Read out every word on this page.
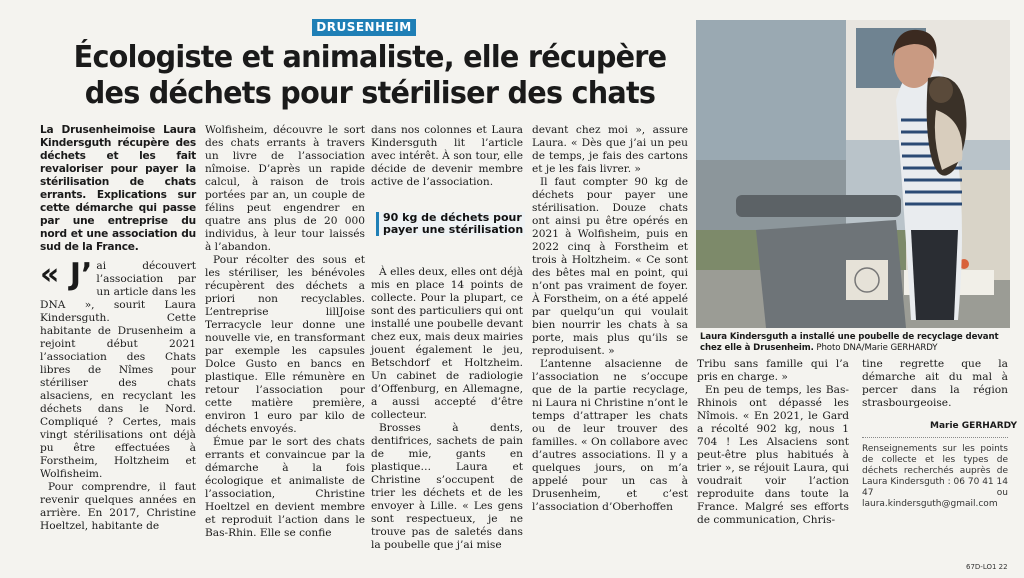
DRUSENHEIM
Écologiste et animaliste, elle récupère
des déchets pour stériliser des chats

La Drusenheimoise Laura Kindersguth récupère des déchets et les fait revaloriser pour payer la stérilisation de chats errants. Explications sur cette démarche qui passe par une entreprise du nord et une association du sud de la France.

« J’ ai découvert l’association par un article dans les DNA », sourit Laura Kindersguth. Cette habitante de Drusenheim a rejoint début 2021 l’association des Chats libres de Nîmes pour stériliser des chats alsaciens, en recyclant les déchets dans le Nord. Compliqué ? Certes, mais vingt stérilisations ont déjà pu être effectuées à Forstheim, Holtzheim et Wolfisheim.

Pour comprendre, il faut revenir quelques années en arrière. En 2017, Christine Hoeltzel, habitante de

Wolfisheim, découvre le sort des chats errants à travers un livre de l’association nîmoise. D’après un rapide calcul, à raison de trois portées par an, un couple de félins peut engendrer en quatre ans plus de 20 000 individus, à leur tour laissés à l’abandon.

Pour récolter des sous et les stériliser, les bénévoles récupèrent des déchets a priori non recyclables. L’entreprise lillJoise Terracycle leur donne une nouvelle vie, en transformant par exemple les capsules Dolce Gusto en bancs en plastique. Elle rémunère en retour l’association pour cette matière première, environ 1 euro par kilo de déchets envoyés.

Émue par le sort des chats errants et convaincue par la démarche à la fois écologique et animaliste de l’association, Christine Hoeltzel en devient membre et reproduit l’action dans le Bas-Rhin. Elle se confie

dans nos colonnes et Laura Kindersguth lit l’article avec intérêt. À son tour, elle décide de devenir membre active de l’association.

90 kg de déchets pour payer une stérilisation

À elles deux, elles ont déjà mis en place 14 points de collecte. Pour la plupart, ce sont des particuliers qui ont installé une poubelle devant chez eux, mais deux mairies jouent également le jeu, Betschdorf et Holtzheim. Un cabinet de radiologie d’Offenburg, en Allemagne, a aussi accepté d’être collecteur.

Brosses à dents, dentifrices, sachets de pain de mie, gants en plastique… Laura et Christine s’occupent de trier les déchets et de les envoyer à Lille. « Les gens sont respectueux, je ne trouve pas de saletés dans la poubelle que j’ai mise

devant chez moi », assure Laura. « Dès que j’ai un peu de temps, je fais des cartons et je les fais livrer. »

Il faut compter 90 kg de déchets pour payer une stérilisation. Douze chats ont ainsi pu être opérés en 2021 à Wolfisheim, puis en 2022 cinq à Forstheim et trois à Holtzheim. « Ce sont des bêtes mal en point, qui n’ont pas vraiment de foyer. À Forstheim, on a été appelé par quelqu’un qui voulait bien nourrir les chats à sa porte, mais plus qu’ils se reproduisent. »

L’antenne alsacienne de l’association ne s’occupe que de la partie recyclage, ni Laura ni Christine n’ont le temps d’attraper les chats ou de leur trouver des familles. « On collabore avec d’autres associations. Il y a quelques jours, on m’a appelé pour un cas à Drusenheim, et c’est l’association d’Oberhoffen

Laura Kindersguth a installé une poubelle de recyclage devant chez elle à Drusenheim. Photo DNA/Marie GERHARDY

Tribu sans famille qui l’a pris en charge. »

En peu de temps, les Bas-Rhinois ont dépassé les Nîmois. « En 2021, le Gard a récolté 902 kg, nous 1 704 ! Les Alsaciens sont peut-être plus habitués à trier », se réjouit Laura, qui voudrait voir l’action reproduite dans toute la France. Malgré ses efforts de communication, Chris-

tine regrette que la démarche ait du mal à percer dans la région strasbourgeoise.

Marie GERHARDY
Renseignements sur les points de collecte et les types de déchets recherchés auprès de Laura Kindersguth : 06 70 41 14 47 ou laura.kindersguth@gmail.com
67D-LO1 22
